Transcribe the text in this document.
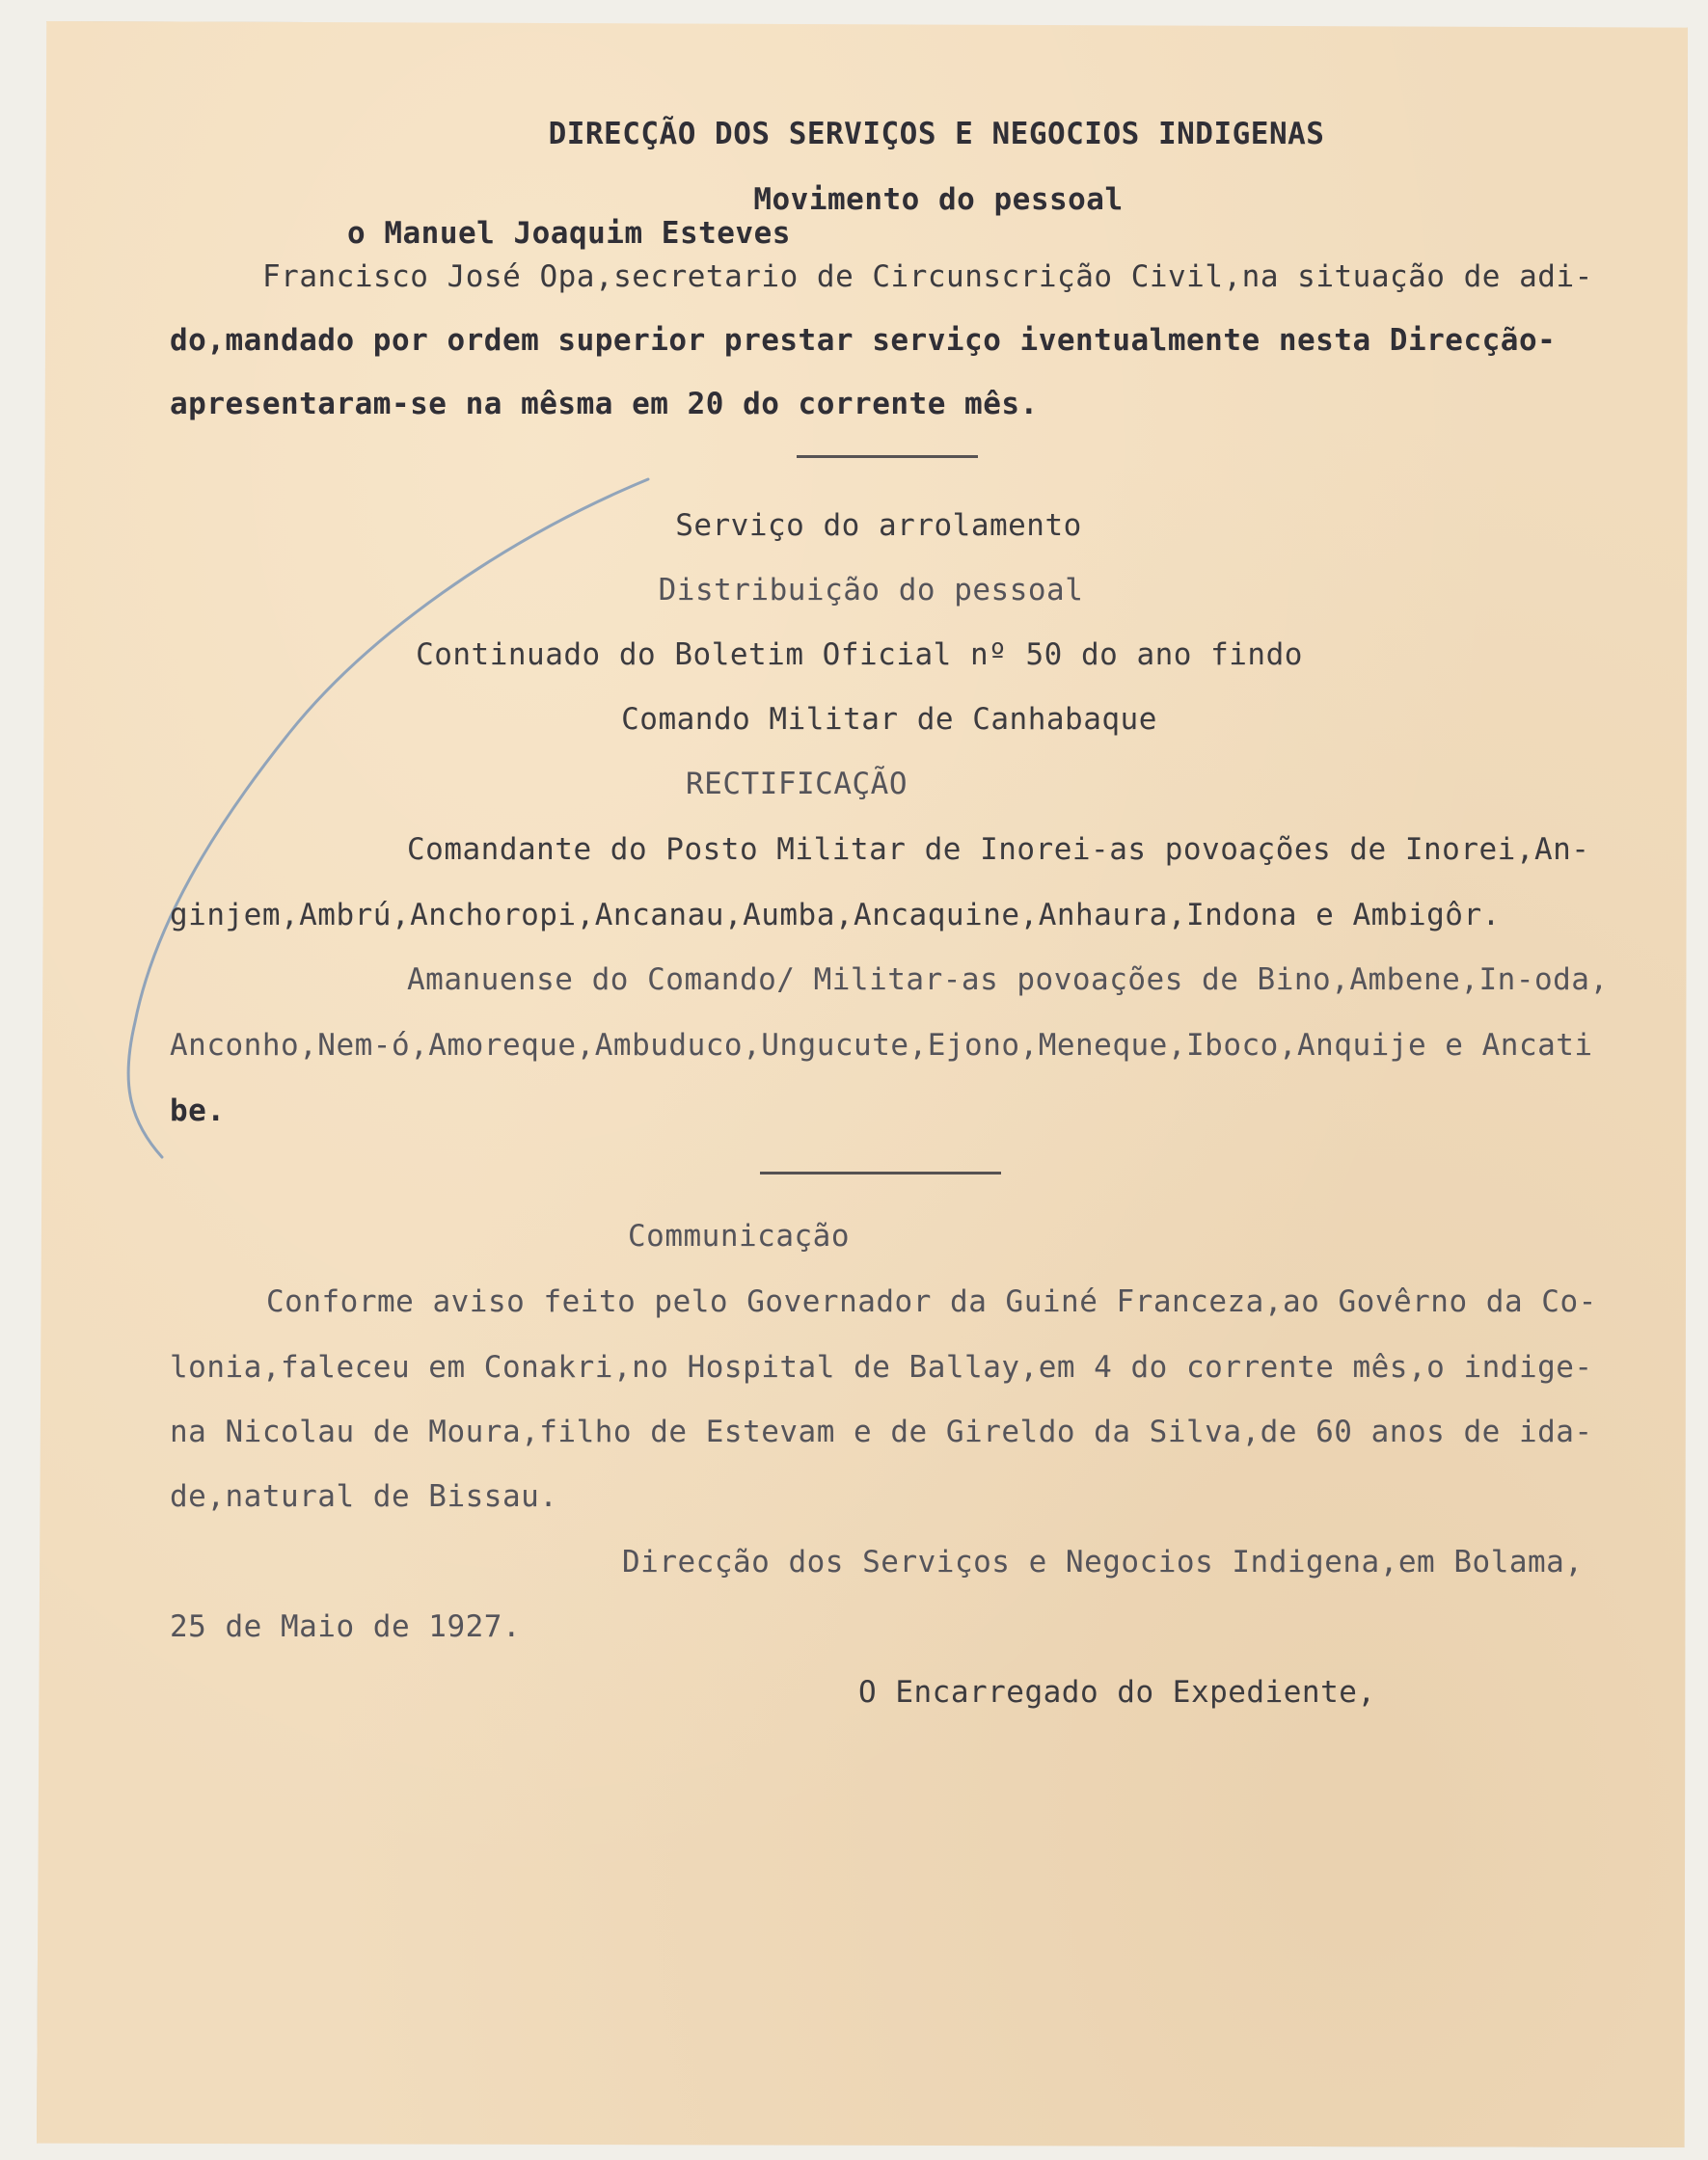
DIRECÇÃO DOS SERVIÇOS E NEGOCIOS INDIGENAS
Movimento do pessoal
o Manuel Joaquim Esteves
Francisco José Opa,secretario de Circunscrição Civil,na situação de adi-
do,mandado por ordem superior prestar serviço iventualmente nesta Direcção-
apresentaram-se na mêsma em 20 do corrente mês.
Serviço do arrolamento
Distribuição do pessoal
Continuado do Boletim Oficial nº 50 do ano findo
Comando Militar de Canhabaque
RECTIFICAÇÃO
Comandante do Posto Militar de Inorei-as povoações de Inorei,An-
ginjem,Ambrú,Anchoropi,Ancanau,Aumba,Ancaquine,Anhaura,Indona e Ambigôr.
Amanuense do Comando/ Militar-as povoações de Bino,Ambene,In-oda,
Anconho,Nem-ó,Amoreque,Ambuduco,Ungucute,Ejono,Meneque,Iboco,Anquije e Ancati
be.
Communicação
Conforme aviso feito pelo Governador da Guiné Franceza,ao Govêrno da Co-
lonia,faleceu em Conakri,no Hospital de Ballay,em 4 do corrente mês,o indige-
na Nicolau de Moura,filho de Estevam e de Gireldo da Silva,de 60 anos de ida-
de,natural de Bissau.
Direcção dos Serviços e Negocios Indigena,em Bolama,
25 de Maio de 1927.
O Encarregado do Expediente,
